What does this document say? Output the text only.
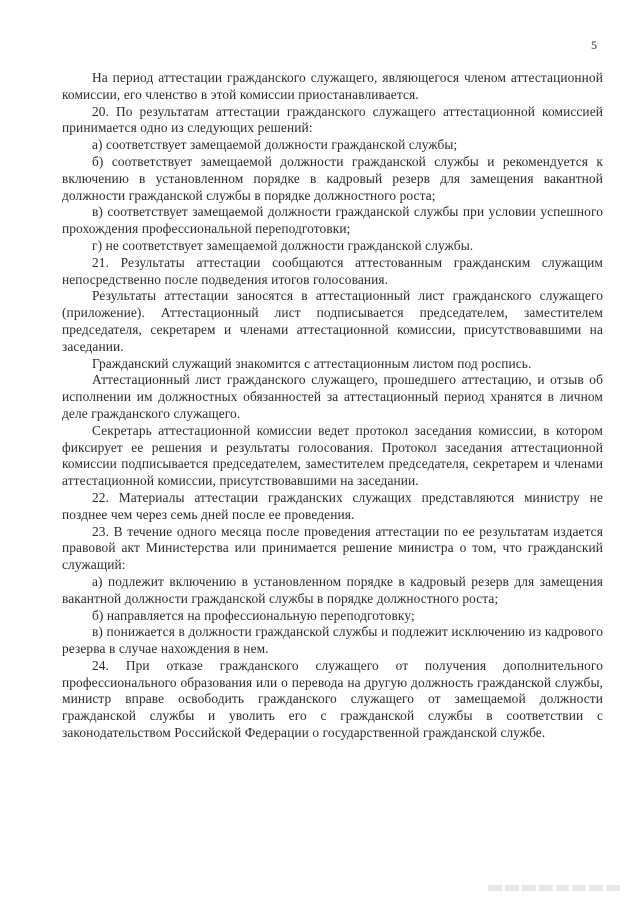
5

На период аттестации гражданского служащего, являющегося членом аттестационной комиссии, его членство в этой комиссии приостанавливается.

20. По результатам аттестации гражданского служащего аттестационной комиссией принимается одно из следующих решений:

а) соответствует замещаемой должности гражданской службы;

б) соответствует замещаемой должности гражданской службы и рекомендуется к включению в установленном порядке в кадровый резерв для замещения вакантной должности гражданской службы в порядке должностного роста;

в) соответствует замещаемой должности гражданской службы при условии успешного прохождения профессиональной переподготовки;

г) не соответствует замещаемой должности гражданской службы.

21. Результаты аттестации сообщаются аттестованным гражданским служащим непосредственно после подведения итогов голосования.

Результаты аттестации заносятся в аттестационный лист гражданского служащего (приложение). Аттестационный лист подписывается председателем, заместителем председателя, секретарем и членами аттестационной комиссии, присутствовавшими на заседании.

Гражданский служащий знакомится с аттестационным листом под роспись.

Аттестационный лист гражданского служащего, прошедшего аттестацию, и отзыв об исполнении им должностных обязанностей за аттестационный период хранятся в личном деле гражданского служащего.

Секретарь аттестационной комиссии ведет протокол заседания комиссии, в котором фиксирует ее решения и результаты голосования. Протокол заседания аттестационной комиссии подписывается председателем, заместителем председателя, секретарем и членами аттестационной комиссии, присутствовавшими на заседании.

22. Материалы аттестации гражданских служащих представляются министру не позднее чем через семь дней после ее проведения.

23. В течение одного месяца после проведения аттестации по ее результатам издается правовой акт Министерства или принимается решение министра о том, что гражданский служащий:

а) подлежит включению в установленном порядке в кадровый резерв для замещения вакантной должности гражданской службы в порядке должностного роста;

б) направляется на профессиональную переподготовку;

в) понижается в должности гражданской службы и подлежит исключению из кадрового резерва в случае нахождения в нем.

24. При отказе гражданского служащего от получения дополнительного профессионального образования или о перевода на другую должность гражданской службы, министр вправе освободить гражданского служащего от замещаемой должности гражданской службы и уволить его с гражданской службы в соответствии с законодательством Российской Федерации о государственной гражданской службе.
